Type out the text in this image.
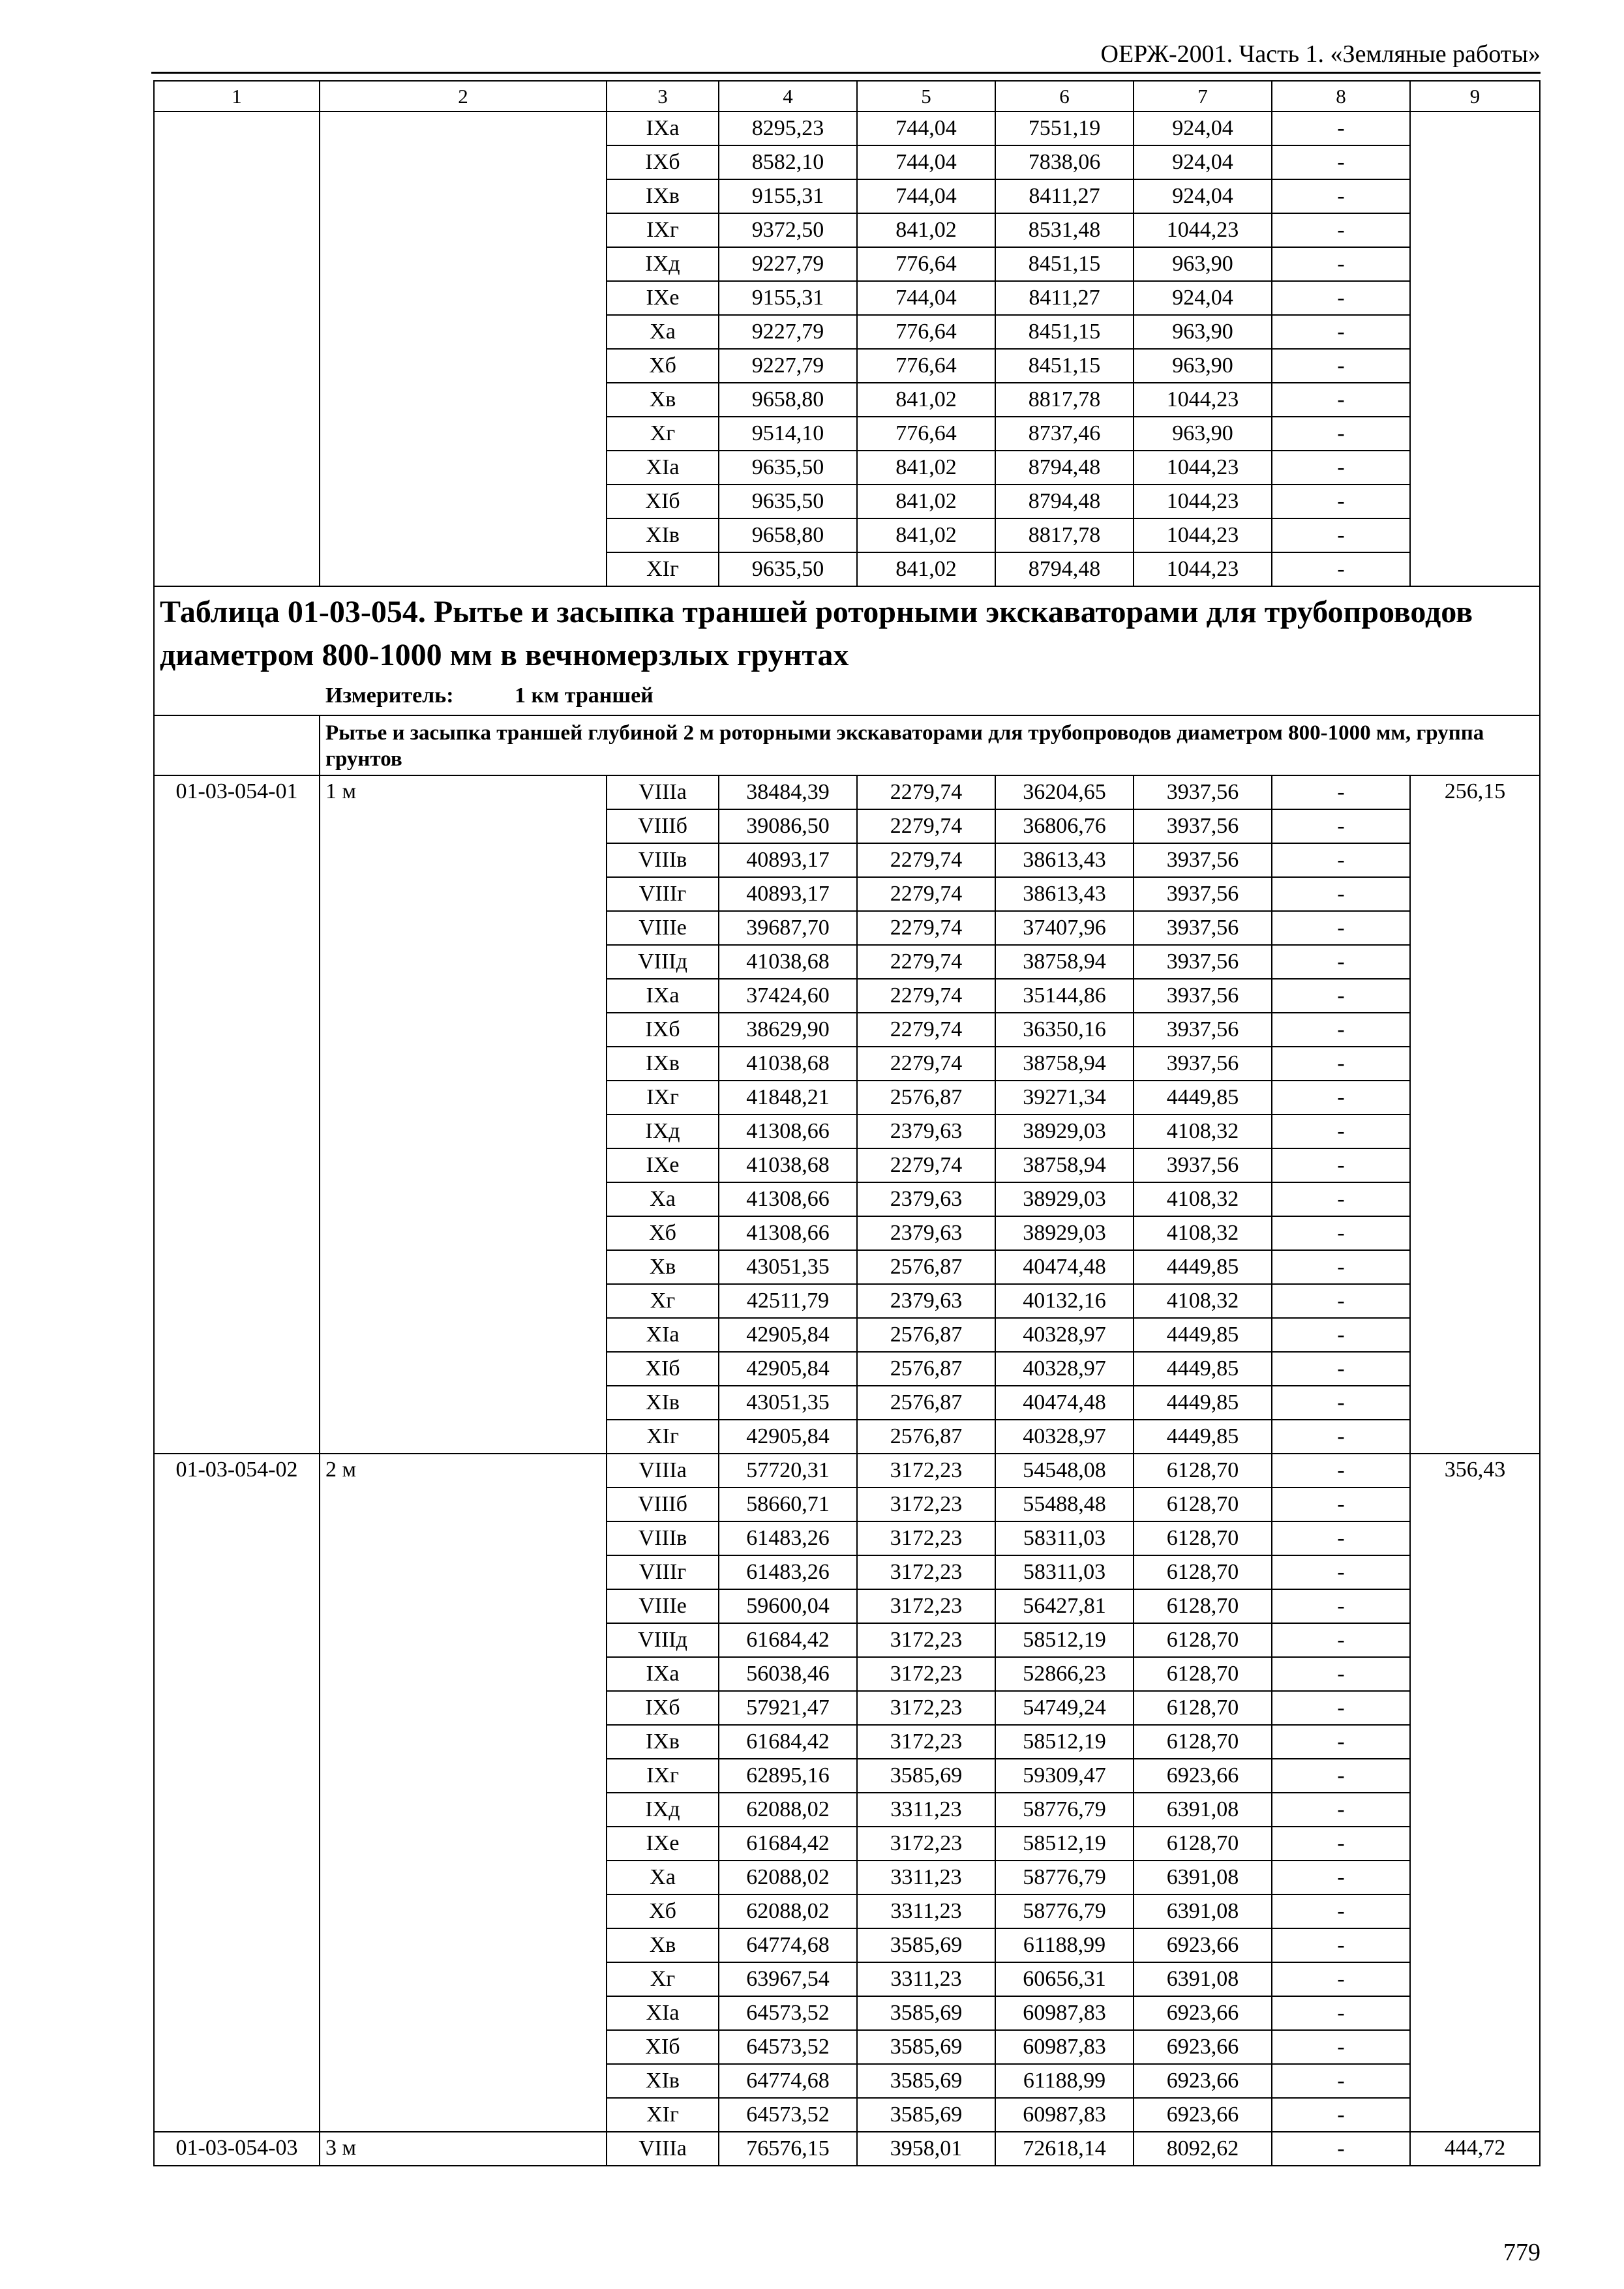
ОЕРЖ-2001. Часть 1. «Земляные работы»
1	2	3	4	5	6	7	8	9
		IXа	8295,23	744,04	7551,19	924,04	-	
		IXб	8582,10	744,04	7838,06	924,04	-	
		IXв	9155,31	744,04	8411,27	924,04	-	
		IXг	9372,50	841,02	8531,48	1044,23	-	
		IXд	9227,79	776,64	8451,15	963,90	-	
		IXе	9155,31	744,04	8411,27	924,04	-	
		Xа	9227,79	776,64	8451,15	963,90	-	
		Xб	9227,79	776,64	8451,15	963,90	-	
		Xв	9658,80	841,02	8817,78	1044,23	-	
		Xг	9514,10	776,64	8737,46	963,90	-	
		XIа	9635,50	841,02	8794,48	1044,23	-	
		XIб	9635,50	841,02	8794,48	1044,23	-	
		XIв	9658,80	841,02	8817,78	1044,23	-	
		XIг	9635,50	841,02	8794,48	1044,23	-	

Таблица 01-03-054. Рытье и засыпка траншей роторными экскаваторами для трубопроводов диаметром 800-1000 мм в вечномерзлых грунтах
Измеритель: 1 км траншей								

	Рытье и засыпка траншей глубиной 2 м роторными экскаваторами для трубопроводов диаметром 800-1000 мм, группа грунтов							
01-03-054-01	1 м	VIIIа	38484,39	2279,74	36204,65	3937,56	-	256,15
		VIIIб	39086,50	2279,74	36806,76	3937,56	-	
		VIIIв	40893,17	2279,74	38613,43	3937,56	-	
		VIIIг	40893,17	2279,74	38613,43	3937,56	-	
		VIIIе	39687,70	2279,74	37407,96	3937,56	-	
		VIIIд	41038,68	2279,74	38758,94	3937,56	-	
		IXа	37424,60	2279,74	35144,86	3937,56	-	
		IXб	38629,90	2279,74	36350,16	3937,56	-	
		IXв	41038,68	2279,74	38758,94	3937,56	-	
		IXг	41848,21	2576,87	39271,34	4449,85	-	
		IXд	41308,66	2379,63	38929,03	4108,32	-	
		IXе	41038,68	2279,74	38758,94	3937,56	-	
		Xа	41308,66	2379,63	38929,03	4108,32	-	
		Xб	41308,66	2379,63	38929,03	4108,32	-	
		Xв	43051,35	2576,87	40474,48	4449,85	-	
		Xг	42511,79	2379,63	40132,16	4108,32	-	
		XIа	42905,84	2576,87	40328,97	4449,85	-	
		XIб	42905,84	2576,87	40328,97	4449,85	-	
		XIв	43051,35	2576,87	40474,48	4449,85	-	
		XIг	42905,84	2576,87	40328,97	4449,85	-	
01-03-054-02	2 м	VIIIа	57720,31	3172,23	54548,08	6128,70	-	356,43
		VIIIб	58660,71	3172,23	55488,48	6128,70	-	
		VIIIв	61483,26	3172,23	58311,03	6128,70	-	
		VIIIг	61483,26	3172,23	58311,03	6128,70	-	
		VIIIе	59600,04	3172,23	56427,81	6128,70	-	
		VIIIд	61684,42	3172,23	58512,19	6128,70	-	
		IXа	56038,46	3172,23	52866,23	6128,70	-	
		IXб	57921,47	3172,23	54749,24	6128,70	-	
		IXв	61684,42	3172,23	58512,19	6128,70	-	
		IXг	62895,16	3585,69	59309,47	6923,66	-	
		IXд	62088,02	3311,23	58776,79	6391,08	-	
		IXе	61684,42	3172,23	58512,19	6128,70	-	
		Xа	62088,02	3311,23	58776,79	6391,08	-	
		Xб	62088,02	3311,23	58776,79	6391,08	-	
		Xв	64774,68	3585,69	61188,99	6923,66	-	
		Xг	63967,54	3311,23	60656,31	6391,08	-	
		XIа	64573,52	3585,69	60987,83	6923,66	-	
		XIб	64573,52	3585,69	60987,83	6923,66	-	
		XIв	64774,68	3585,69	61188,99	6923,66	-	
		XIг	64573,52	3585,69	60987,83	6923,66	-	
01-03-054-03	3 м	VIIIа	76576,15	3958,01	72618,14	8092,62	-	444,72
779
